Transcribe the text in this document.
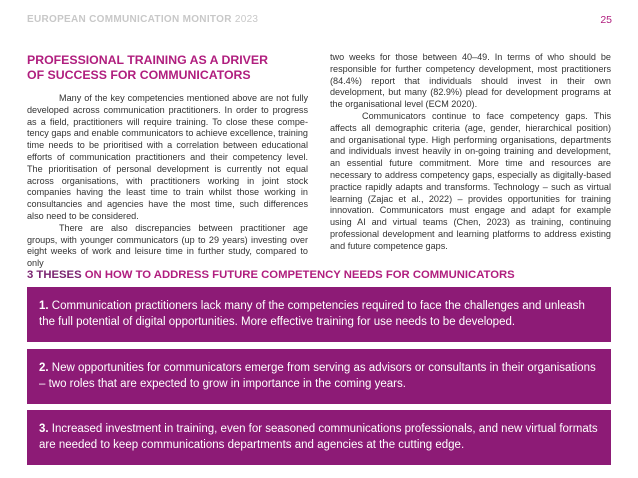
EUROPEAN COMMUNICATION MONITOR 2023	25
PROFESSIONAL TRAINING AS A DRIVER
OF SUCCESS FOR COMMUNICATORS

Many of the key competencies mentioned above are not fully developed across communication practitioners. In order to progress as a field, practitioners will require training. To close these competency gaps and enable communicators to achieve excellence, training time needs to be prioritised with a correlation between educational efforts of communication practitioners and their competency level. The prioritisation of personal development is currently not equal across organisations, with practitioners working in joint stock companies having the least time to train whilst those working in consultancies and agencies have the most time, such differences also need to be considered.

There are also discrepancies between practitioner age groups, with younger communicators (up to 29 years) investing over eight weeks of work and leisure time in further study, compared to only

two weeks for those between 40–49. In terms of who should be responsible for further competency development, most practitioners (84.4%) report that individuals should invest in their own development, but many (82.9%) plead for development programs at the organisational level (ECM 2020).

Communicators continue to face competency gaps. This affects all demographic criteria (age, gender, hierarchical position) and organisational type. High performing organisations, departments and individuals invest heavily in on-going training and development, an essential future commitment. More time and resources are necessary to address competency gaps, especially as digitally-based practice rapidly adapts and transforms. Technology – such as virtual learning (Zajac et al., 2022) – provides opportunities for training innovation. Communicators must engage and adapt for example using AI and virtual teams (Chen, 2023) as training, continuing professional development and learning platforms to address existing and future competence gaps.

3 THESES ON HOW TO ADDRESS FUTURE COMPETENCY NEEDS FOR COMMUNICATORS
1. Communication practitioners lack many of the competencies required to face the challenges and unleash the full potential of digital opportunities. More effective training for use needs to be developed.
2. New opportunities for communicators emerge from serving as advisors or consultants in their organisations – two roles that are expected to grow in importance in the coming years.
3. Increased investment in training, even for seasoned communications professionals, and new virtual formats are needed to keep communications departments and agencies at the cutting edge.
